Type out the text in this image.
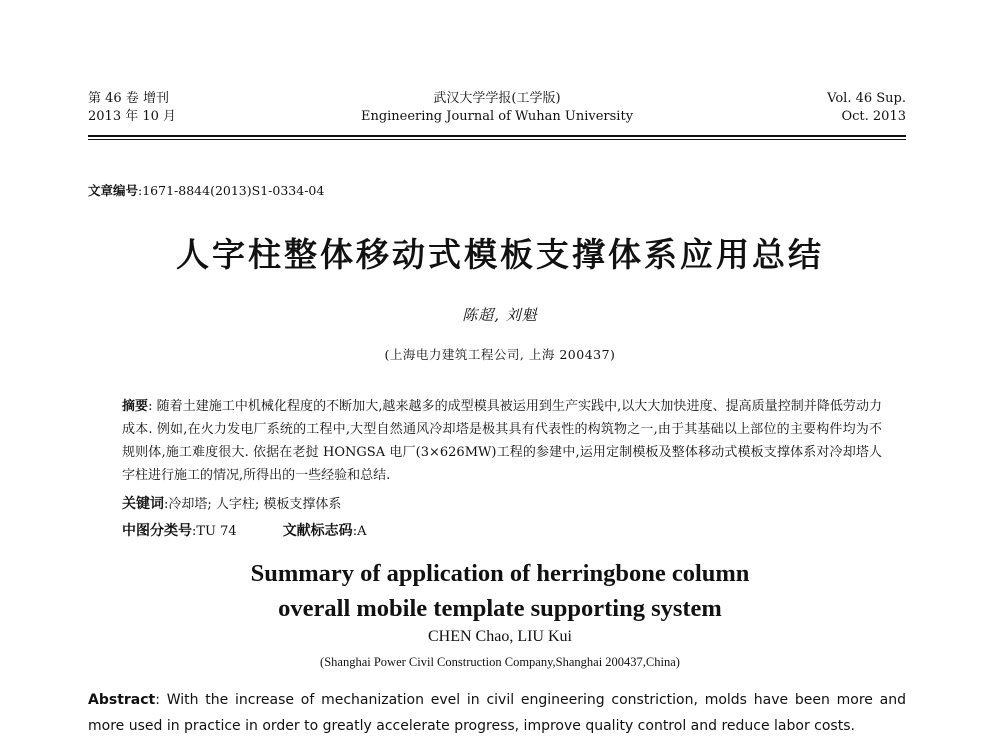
第 46 卷 增刊
2013 年 10 月
武汉大学学报(工学版)
Engineering Journal of Wuhan University
Vol. 46 Sup.
Oct. 2013
文章编号:1671-8844(2013)S1-0334-04
人字柱整体移动式模板支撑体系应用总结
陈超, 刘魁
(上海电力建筑工程公司, 上海 200437)
摘要: 随着土建施工中机械化程度的不断加大,越来越多的成型模具被运用到生产实践中,以大大加快进度、提高质量控制并降低劳动力成本. 例如,在火力发电厂系统的工程中,大型自然通风冷却塔是极其具有代表性的构筑物之一,由于其基础以上部位的主要构件均为不规则体,施工难度很大. 依据在老挝 HONGSA 电厂(3×626MW)工程的参建中,运用定制模板及整体移动式模板支撑体系对冷却塔人字柱进行施工的情况,所得出的一些经验和总结.
关键词:冷却塔; 人字柱; 模板支撑体系
中图分类号:TU 74	文献标志码:A
Summary of application of herringbone column
overall mobile template supporting system
CHEN Chao, LIU Kui
(Shanghai Power Civil Construction Company,Shanghai 200437,China)
Abstract: With the increase of mechanization evel in civil engineering constriction, molds have been more and more used in practice in order to greatly accelerate progress, improve quality control and reduce labor costs.
